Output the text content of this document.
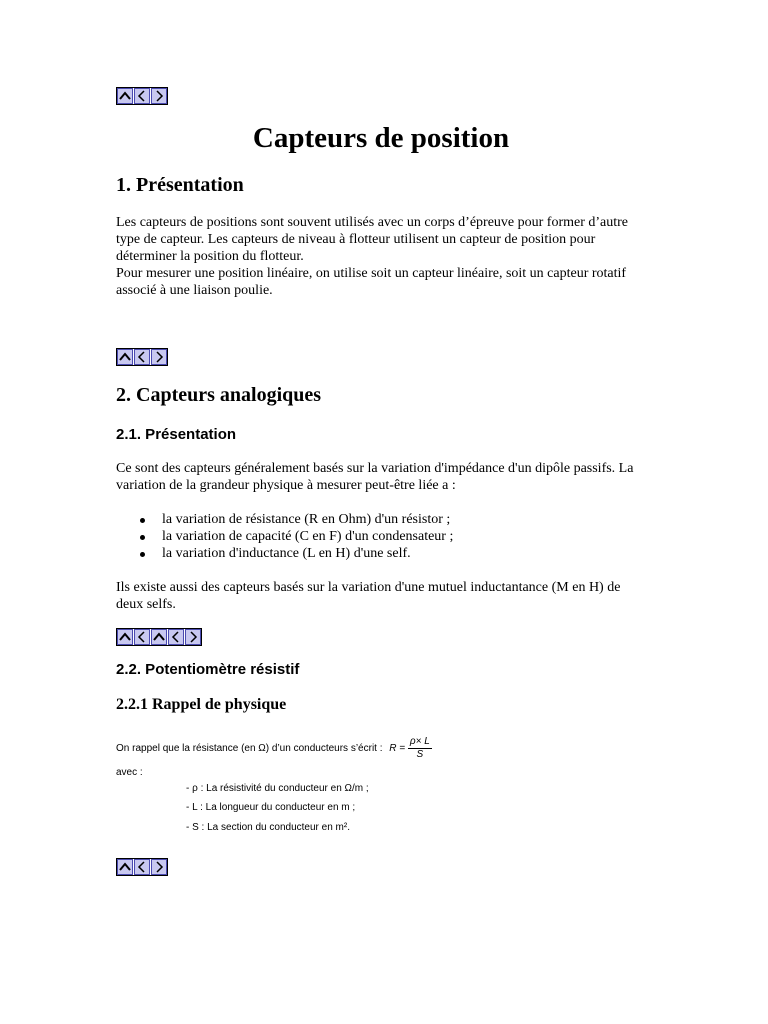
Capteurs de position
1. Présentation

Les capteurs de positions sont souvent utilisés avec un corps d’épreuve pour former d’autre type de capteur. Les capteurs de niveau à flotteur utilisent un capteur de position pour déterminer la position du flotteur.

Pour mesurer une position linéaire, on utilise soit un capteur linéaire, soit un capteur rotatif associé à une liaison poulie.

2. Capteurs analogiques
2.1. Présentation

Ce sont des capteurs généralement basés sur la variation d'impédance d'un dipôle passifs. La variation de la grandeur physique à mesurer peut-être liée a :

la variation de résistance (R en Ohm) d'un résistor ;
la variation de capacité (C en F) d'un condensateur ;
la variation d'inductance (L en H) d'une self.

Ils existe aussi des capteurs basés sur la variation d'une mutuel inductantance (M en H) de deux selfs.

2.2. Potentiomètre résistif
2.2.1 Rappel de physique
On rappel que la résistance (en Ω) d’un conducteurs s’écrit : $R = \frac{\rho\times L}{S}$
avec :
- ρ : La résistivité du conducteur en Ω/m ;
- L : La longueur du conducteur en m ;
- S : La section du conducteur en m².
